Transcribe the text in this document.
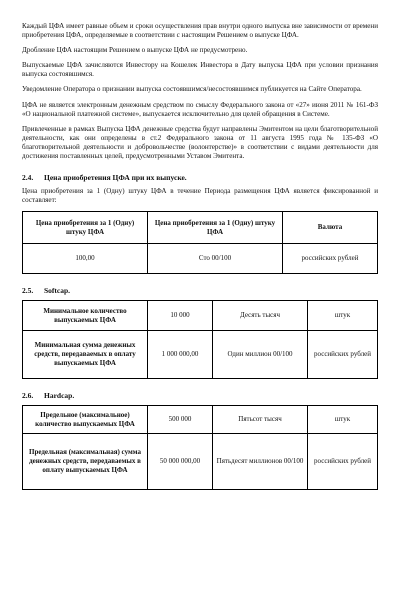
Каждый ЦФА имеет равные объем и сроки осуществления прав внутри одного выпуска вне зависимости от времени приобретения ЦФА, определяемые в соответствии с настоящим Решением о выпуске ЦФА.

Дробление ЦФА настоящим Решением о выпуске ЦФА не предусмотрено.

Выпускаемые ЦФА зачисляются Инвестору на Кошелек Инвестора в Дату выпуска ЦФА при условии признания выпуска состоявшимся.

Уведомление Оператора о признании выпуска состоявшимся/несостоявшимся публикуется на Сайте Оператора.

ЦФА не является электронным денежным средством по смыслу Федерального закона от «27» июня 2011 № 161-ФЗ «О национальной платежной системе», выпускается исключительно для целей обращения в Системе.

Привлеченные в рамках Выпуска ЦФА денежные средства будут направлены Эмитентом на цели благотворительной деятельности, как они определены в ст.2 Федерального закона от 11 августа 1995 года № 135-ФЗ «О благотворительной деятельности и добровольчестве (волонтерстве)» в соответствии с видами деятельности для достижения поставленных целей, предусмотренными Уставом Эмитента.

2.4. Цена приобретения ЦФА при их выпуске.

Цена приобретения за 1 (Одну) штуку ЦФА в течение Периода размещения ЦФА является фиксированной и составляет:

Цена приобретения за 1 (Одну) штуку ЦФА	Цена приобретения за 1 (Одну) штуку ЦФА	Валюта
100,00	Сто 00/100	российских рублей
2.5. Softcap.
Минимальное количество выпускаемых ЦФА	10 000	Десять тысяч	штук
Минимальная сумма денежных средств, передаваемых в оплату выпускаемых ЦФА	1 000 000,00	Один миллион 00/100	российских рублей
2.6. Hardcap.
Предельное (максимальное) количество выпускаемых ЦФА	500 000	Пятьсот тысяч	штук
Предельная (максимальная) сумма денежных средств, передаваемых в оплату выпускаемых ЦФА	50 000 000,00	Пятьдесят миллионов 00/100	российских рублей
